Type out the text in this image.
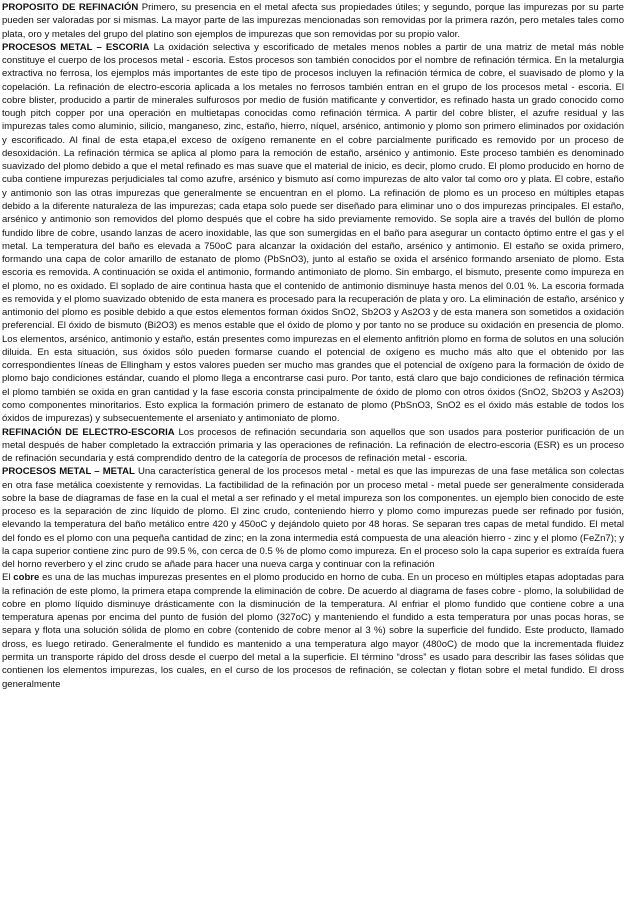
PROPOSITO DE REFINACIÓN Primero, su presencia en el metal afecta sus propiedades útiles; y segundo, porque las impurezas por su parte pueden ser valoradas por si mismas. La mayor parte de las impurezas mencionadas son removidas por la primera razón, pero metales tales como plata, oro y metales del grupo del platino son ejemplos de impurezas que son removidas por su propio valor.

PROCESOS METAL – ESCORIA La oxidación selectiva y escorificado de metales menos nobles a partir de una matriz de metal más noble constituye el cuerpo de los procesos metal - escoria. Estos procesos son también conocidos por el nombre de refinación térmica. En la metalurgia extractiva no ferrosa, los ejemplos más importantes de este tipo de procesos incluyen la refinación térmica de cobre, el suavisado de plomo y la copelación. La refinación de electro-escoria aplicada a los metales no ferrosos también entran en el grupo de los procesos metal - escoria. El cobre blister, producido a partir de minerales sulfurosos por medio de fusión matificante y convertidor, es refinado hasta un grado conocido como tough pitch copper por una operación en multietapas conocidas como refinación térmica. A partir del cobre blister, el azufre residual y las impurezas tales como aluminio, silicio, manganeso, zinc, estaño, hierro, níquel, arsénico, antimonio y plomo son primero eliminados por oxidación y escorificado. Al final de esta etapa,el exceso de oxígeno remanente en el cobre parcialmente purificado es removido por un proceso de desoxidación. La refinación térmica se aplica al plomo para la remoción de estaño, arsénico y antimonio. Este proceso también es denominado suavizado del plomo debido a que el metal refinado es mas suave que el material de inicio, es decir, plomo crudo. El plomo producido en horno de cuba contiene impurezas perjudiciales tal como azufre, arsénico y bismuto así como impurezas de alto valor tal como oro y plata. El cobre, estaño y antimonio son las otras impurezas que generalmente se encuentran en el plomo. La refinación de plomo es un proceso en múltiples etapas debido a la diferente naturaleza de las impurezas; cada etapa solo puede ser diseñado para eliminar uno o dos impurezas principales. El estaño, arsénico y antimonio son removidos del plomo después que el cobre ha sido previamente removido. Se sopla aire a través del bullón de plomo fundido libre de cobre, usando lanzas de acero inoxidable, las que son sumergidas en el baño para asegurar un contacto óptimo entre el gas y el metal. La temperatura del baño es elevada a 750oC para alcanzar la oxidación del estaño, arsénico y antimonio. El estaño se oxida primero, formando una capa de color amarillo de estanato de plomo (PbSnO3), junto al estaño se oxida el arsénico formando arseniato de plomo. Esta escoria es removida. A continuación se oxida el antimonio, formando antimoniato de plomo. Sin embargo, el bismuto, presente como impureza en el plomo, no es oxidado. El soplado de aire continua hasta que el contenido de antimonio disminuye hasta menos del 0.01 %. La escoria formada es removida y el plomo suavizado obtenido de esta manera es procesado para la recuperación de plata y oro. La eliminación de estaño, arsénico y antimonio del plomo es posible debido a que estos elementos forman óxidos SnO2, Sb2O3 y As2O3 y de esta manera son sometidos a oxidación preferencial. El óxido de bismuto (Bi2O3) es menos estable que el óxido de plomo y por tanto no se produce su oxidación en presencia de plomo. Los elementos, arsénico, antimonio y estaño, están presentes como impurezas en el elemento anfitrión plomo en forma de solutos en una solución diluida. En esta situación, sus óxidos sólo pueden formarse cuando el potencial de oxígeno es mucho más alto que el obtenido por las correspondientes líneas de Ellingham y estos valores pueden ser mucho mas grandes que el potencial de oxígeno para la formación de óxido de plomo bajo condiciones estándar, cuando el plomo llega a encontrarse casi puro. Por tanto, está claro que bajo condiciones de refinación térmica el plomo también se oxida en gran cantidad y la fase escoria consta principalmente de óxido de plomo con otros óxidos (SnO2, Sb2O3 y As2O3) como componentes minoritarios. Esto explica la formación primero de estanato de plomo (PbSnO3, SnO2 es el óxido más estable de todos los óxidos de impurezas) y subsecuentemente el arseniato y antimoniato de plomo.

REFINACIÓN DE ELECTRO-ESCORIA Los procesos de refinación secundaria son aquellos que son usados para posterior purificación de un metal después de haber completado la extracción primaria y las operaciones de refinación. La refinación de electro-escoria (ESR) es un proceso de refinación secundaria y está comprendido dentro de la categoría de procesos de refinación metal - escoria.

PROCESOS METAL – METAL Una característica general de los procesos metal - metal es que las impurezas de una fase metálica son colectas en otra fase metálica coexistente y removidas. La factibilidad de la refinación por un proceso metal - metal puede ser generalmente considerada sobre la base de diagramas de fase en la cual el metal a ser refinado y el metal impureza son los componentes. un ejemplo bien conocido de este proceso es la separación de zinc líquido de plomo. El zinc crudo, conteniendo hierro y plomo como impurezas puede ser refinado por fusión, elevando la temperatura del baño metálico entre 420 y 450oC y dejándolo quieto por 48 horas. Se separan tres capas de metal fundido. El metal del fondo es el plomo con una pequeña cantidad de zinc; en la zona intermedia está compuesta de una aleación hierro - zinc y el plomo (FeZn7); y la capa superior contiene zinc puro de 99.5 %, con cerca de 0.5 % de plomo como impureza. En el proceso solo la capa superior es extraída fuera del horno reverbero y el zinc crudo se añade para hacer una nueva carga y continuar con la refinación

El cobre es una de las muchas impurezas presentes en el plomo producido en horno de cuba. En un proceso en múltiples etapas adoptadas para la refinación de este plomo, la primera etapa comprende la eliminación de cobre. De acuerdo al diagrama de fases cobre - plomo, la solubilidad de cobre en plomo líquido disminuye drásticamente con la disminución de la temperatura. Al enfriar el plomo fundido que contiene cobre a una temperatura apenas por encima del punto de fusión del plomo (327oC) y manteniendo el fundido a esta temperatura por unas pocas horas, se separa y flota una solución sólida de plomo en cobre (contenido de cobre menor al 3 %) sobre la superficie del fundido. Este producto, llamado dross, es luego retirado. Generalmente el fundido es mantenido a una temperatura algo mayor (480oC) de modo que la incrementada fluidez permita un transporte rápido del dross desde el cuerpo del metal a la superficie. El término “dross” es usado para describir las fases sólidas que contienen los elementos impurezas, los cuales, en el curso de los procesos de refinación, se colectan y flotan sobre el metal fundido. El dross generalmente
